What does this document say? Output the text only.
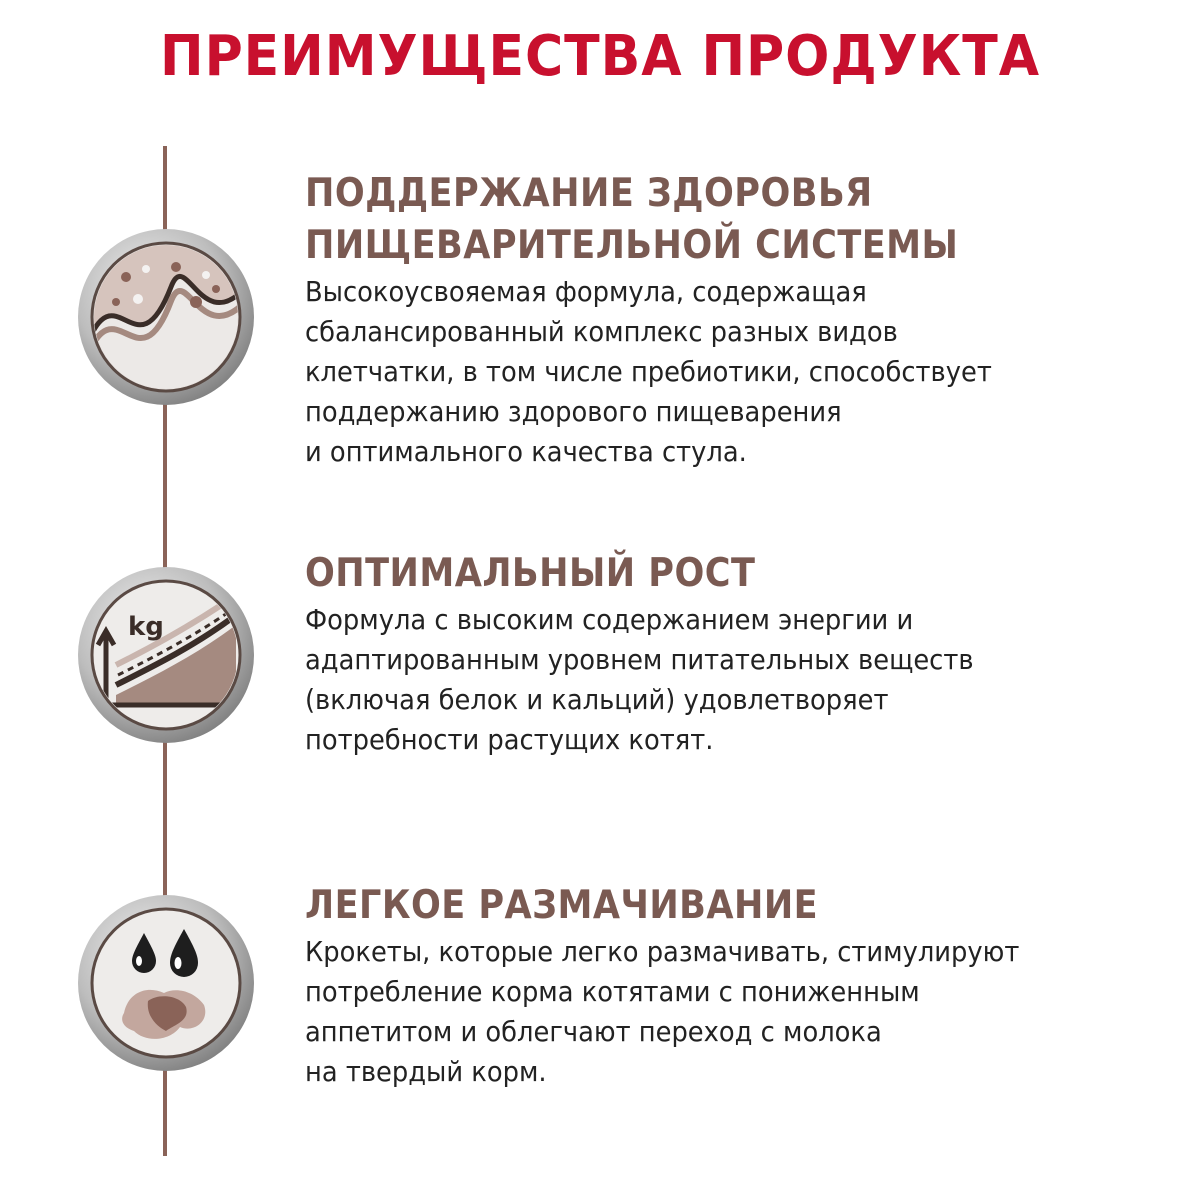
ПРЕИМУЩЕСТВА ПРОДУКТА
ПОДДЕРЖАНИЕ ЗДОРОВЬЯ
ПИЩЕВАРИТЕЛЬНОЙ СИСТЕМЫ
Высокоусвояемая формула, содержащая
сбалансированный комплекс разных видов
клетчатки, в том числе пребиотики, способствует
поддержанию здорового пищеварения
и оптимального качества стула.
kg
ОПТИМАЛЬНЫЙ РОСТ
Формула с высоким содержанием энергии и
адаптированным уровнем питательных веществ
(включая белок и кальций) удовлетворяет
потребности растущих котят.
ЛЕГКОЕ РАЗМАЧИВАНИЕ
Крокеты, которые легко размачивать, стимулируют
потребление корма котятами с пониженным
аппетитом и облегчают переход с молока
на твердый корм.
